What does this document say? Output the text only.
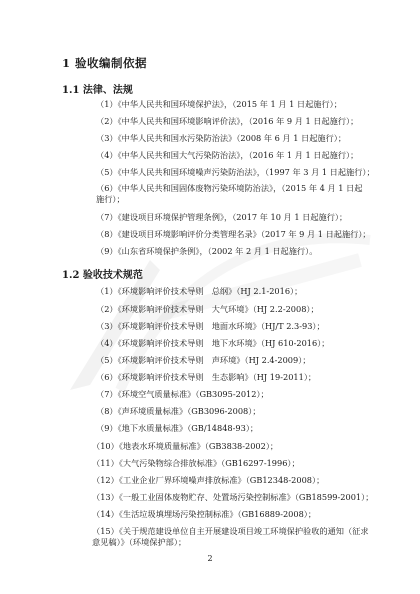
1 验收编制依据
1.1 法律、法规
（1）《中华人民共和国环境保护法》，（2015 年 1 月 1 日起施行）；
（2）《中华人民共和国环境影响评价法》，（2016 年 9 月 1 日起施行）；
（3）《中华人民共和国水污染防治法》（2008 年 6 月 1 日起施行）；
（4）《中华人民共和国大气污染防治法》，（2016 年 1 月 1 日起施行）；
（5）《中华人民共和国环境噪声污染防治法》，（1997 年 3 月 1 日起施行）；
（6）《中华人民共和国固体废物污染环境防治法》，（2015 年 4 月 1 日起施行）；
（7）《建设项目环境保护管理条例》，（2017 年 10 月 1 日起施行）；
（8）《建设项目环境影响评价分类管理名录》（2017 年 9 月 1 日起施行）；
（9）《山东省环境保护条例》，（2002 年 2 月 1 日起施行）。
1.2 验收技术规范
（1）《环境影响评价技术导则　总纲》（HJ 2.1-2016）；
（2）《环境影响评价技术导则　大气环境》（HJ 2.2-2008）；
（3）《环境影响评价技术导则　地面水环境》（HJ/T 2.3-93）；
（4）《环境影响评价技术导则　地下水环境》（HJ 610-2016）；
（5）《环境影响评价技术导则　声环境》（HJ 2.4-2009）；
（6）《环境影响评价技术导则　生态影响》（HJ 19-2011）；
（7）《环境空气质量标准》（GB3095-2012）；
（8）《声环境质量标准》（GB3096-2008）；
（9）《地下水质量标准》（GB/14848-93）；
（10）《地表水环境质量标准》（GB3838-2002）；
（11）《大气污染物综合排放标准》（GB16297-1996）；
（12）《工业企业厂界环境噪声排放标准》（GB12348-2008）；
（13）《一般工业固体废物贮存、处置场污染控制标准》（GB18599-2001）；
（14）《生活垃圾填埋场污染控制标准》（GB16889-2008）；
（15）《关于规范建设单位自主开展建设项目竣工环境保护验收的通知（征求意见稿）》（环境保护部）；
2
